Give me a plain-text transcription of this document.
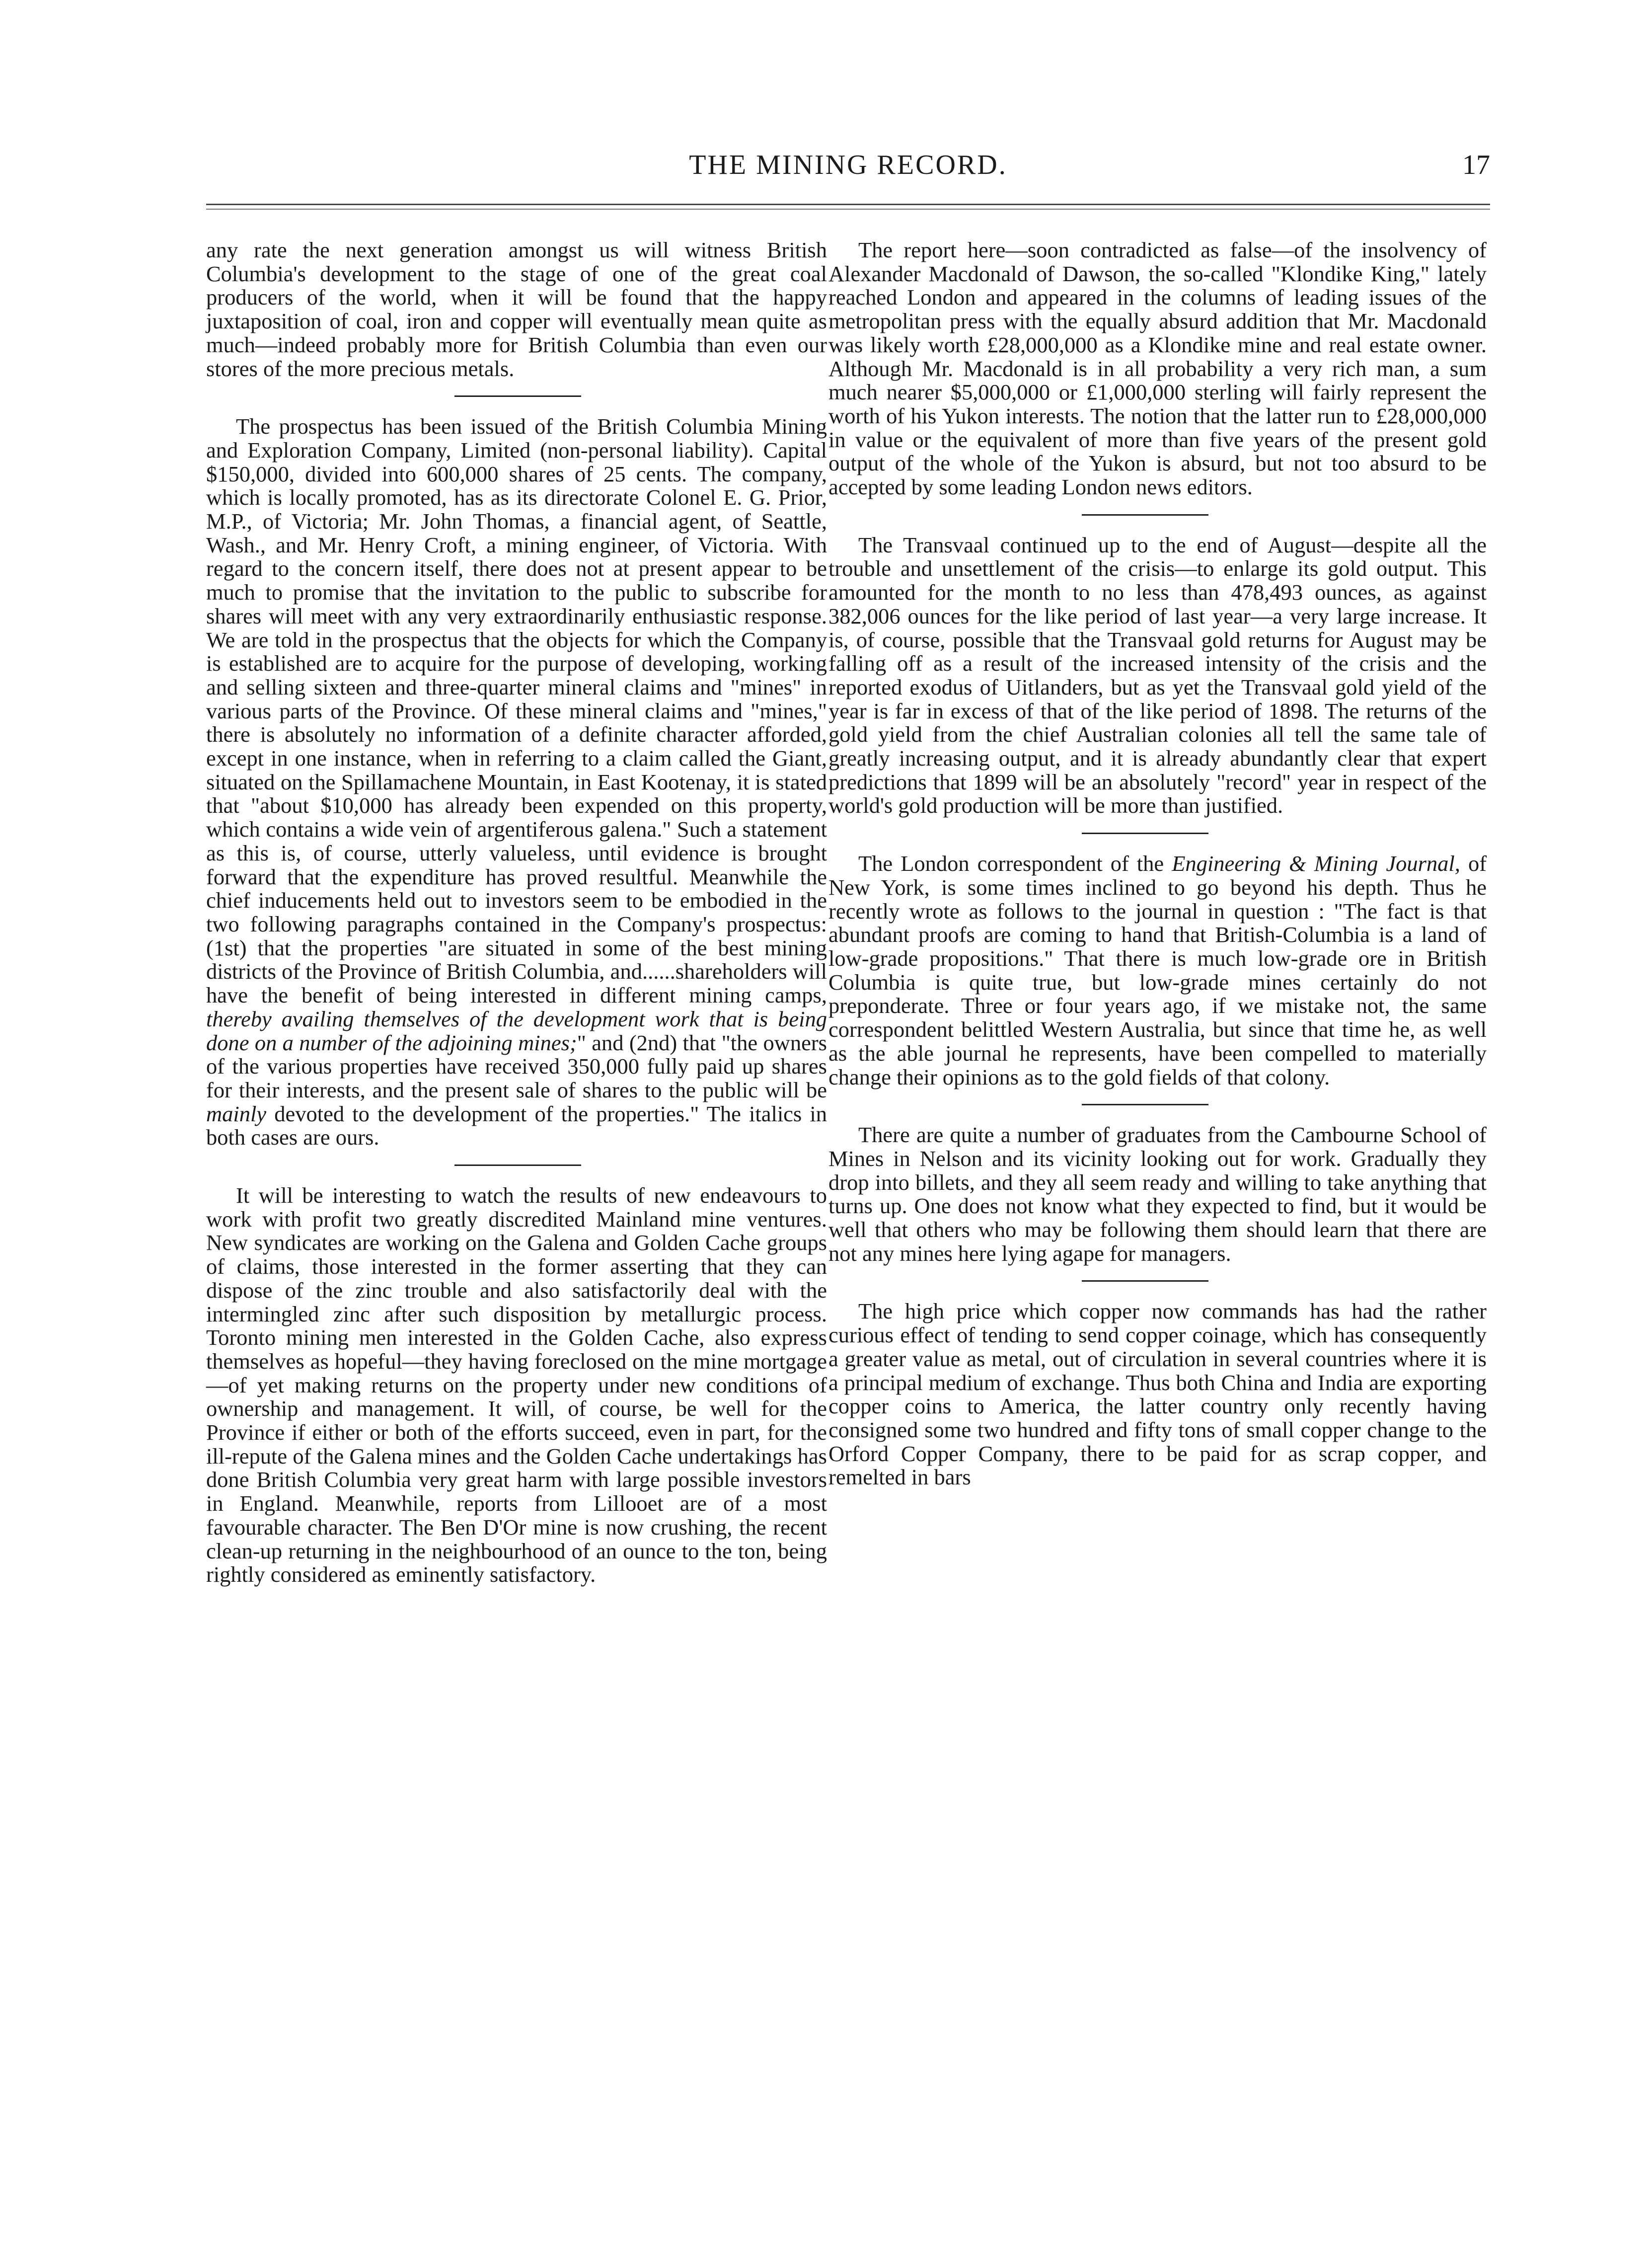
THE MINING RECORD.	17

any rate the next generation amongst us will witness British Columbia's development to the stage of one of the great coal producers of the world, when it will be found that the happy juxtaposition of coal, iron and copper will eventually mean quite as much—indeed probably more for British Columbia than even our stores of the more precious metals.

The prospectus has been issued of the British Columbia Mining and Exploration Company, Limited (non-personal liability). Capital $150,000, divided into 600,000 shares of 25 cents. The company, which is locally promoted, has as its directorate Colonel E. G. Prior, M.P., of Victoria; Mr. John Thomas, a financial agent, of Seattle, Wash., and Mr. Henry Croft, a mining engineer, of Victoria. With regard to the concern itself, there does not at present appear to be much to promise that the invitation to the public to subscribe for shares will meet with any very extraordinarily enthusiastic response. We are told in the prospectus that the objects for which the Company is established are to acquire for the purpose of developing, working and selling sixteen and three-quarter mineral claims and "mines" in various parts of the Province. Of these mineral claims and "mines," there is absolutely no information of a definite character afforded, except in one instance, when in referring to a claim called the Giant, situated on the Spillamachene Mountain, in East Kootenay, it is stated that "about $10,000 has already been expended on this property, which contains a wide vein of argentiferous galena." Such a statement as this is, of course, utterly valueless, until evidence is brought forward that the expenditure has proved resultful. Meanwhile the chief inducements held out to investors seem to be embodied in the two following paragraphs contained in the Company's prospectus: (1st) that the properties "are situated in some of the best mining districts of the Province of British Columbia, and......shareholders will have the benefit of being interested in different mining camps, thereby availing themselves of the development work that is being done on a number of the adjoining mines;" and (2nd) that "the owners of the various properties have received 350,000 fully paid up shares for their interests, and the present sale of shares to the public will be mainly devoted to the development of the properties." The italics in both cases are ours.

It will be interesting to watch the results of new endeavours to work with profit two greatly discredited Mainland mine ventures. New syndicates are working on the Galena and Golden Cache groups of claims, those interested in the former asserting that they can dispose of the zinc trouble and also satisfactorily deal with the intermingled zinc after such disposition by metallurgic process. Toronto mining men interested in the Golden Cache, also express themselves as hopeful—they having foreclosed on the mine mortgage—of yet making returns on the property under new conditions of ownership and management. It will, of course, be well for the Province if either or both of the efforts succeed, even in part, for the ill-repute of the Galena mines and the Golden Cache undertakings has done British Columbia very great harm with large possible investors in England. Meanwhile, reports from Lillooet are of a most favourable character. The Ben D'Or mine is now crushing, the recent clean-up returning in the neighbourhood of an ounce to the ton, being rightly considered as eminently satisfactory.

The report here—soon contradicted as false—of the insolvency of Alexander Macdonald of Dawson, the so-called "Klondike King," lately reached London and appeared in the columns of leading issues of the metropolitan press with the equally absurd addition that Mr. Macdonald was likely worth £28,000,000 as a Klondike mine and real estate owner. Although Mr. Macdonald is in all probability a very rich man, a sum much nearer $5,000,000 or £1,000,000 sterling will fairly represent the worth of his Yukon interests. The notion that the latter run to £28,000,000 in value or the equivalent of more than five years of the present gold output of the whole of the Yukon is absurd, but not too absurd to be accepted by some leading London news editors.

The Transvaal continued up to the end of August—despite all the trouble and unsettlement of the crisis—to enlarge its gold output. This amounted for the month to no less than 478,493 ounces, as against 382,006 ounces for the like period of last year—a very large increase. It is, of course, possible that the Transvaal gold returns for August may be falling off as a result of the increased intensity of the crisis and the reported exodus of Uitlanders, but as yet the Transvaal gold yield of the year is far in excess of that of the like period of 1898. The returns of the gold yield from the chief Australian colonies all tell the same tale of greatly increasing output, and it is already abundantly clear that expert predictions that 1899 will be an absolutely "record" year in respect of the world's gold production will be more than justified.

The London correspondent of the Engineering & Mining Journal, of New York, is some times inclined to go beyond his depth. Thus he recently wrote as follows to the journal in question : "The fact is that abundant proofs are coming to hand that British-Columbia is a land of low-grade propositions." That there is much low-grade ore in British Columbia is quite true, but low-grade mines certainly do not preponderate. Three or four years ago, if we mistake not, the same correspondent belittled Western Australia, but since that time he, as well as the able journal he represents, have been compelled to materially change their opinions as to the gold fields of that colony.

There are quite a number of graduates from the Cambourne School of Mines in Nelson and its vicinity looking out for work. Gradually they drop into billets, and they all seem ready and willing to take anything that turns up. One does not know what they expected to find, but it would be well that others who may be following them should learn that there are not any mines here lying agape for managers.

The high price which copper now commands has had the rather curious effect of tending to send copper coinage, which has consequently a greater value as metal, out of circulation in several countries where it is a principal medium of exchange. Thus both China and India are exporting copper coins to America, the latter country only recently having consigned some two hundred and fifty tons of small copper change to the Orford Copper Company, there to be paid for as scrap copper, and remelted in bars
